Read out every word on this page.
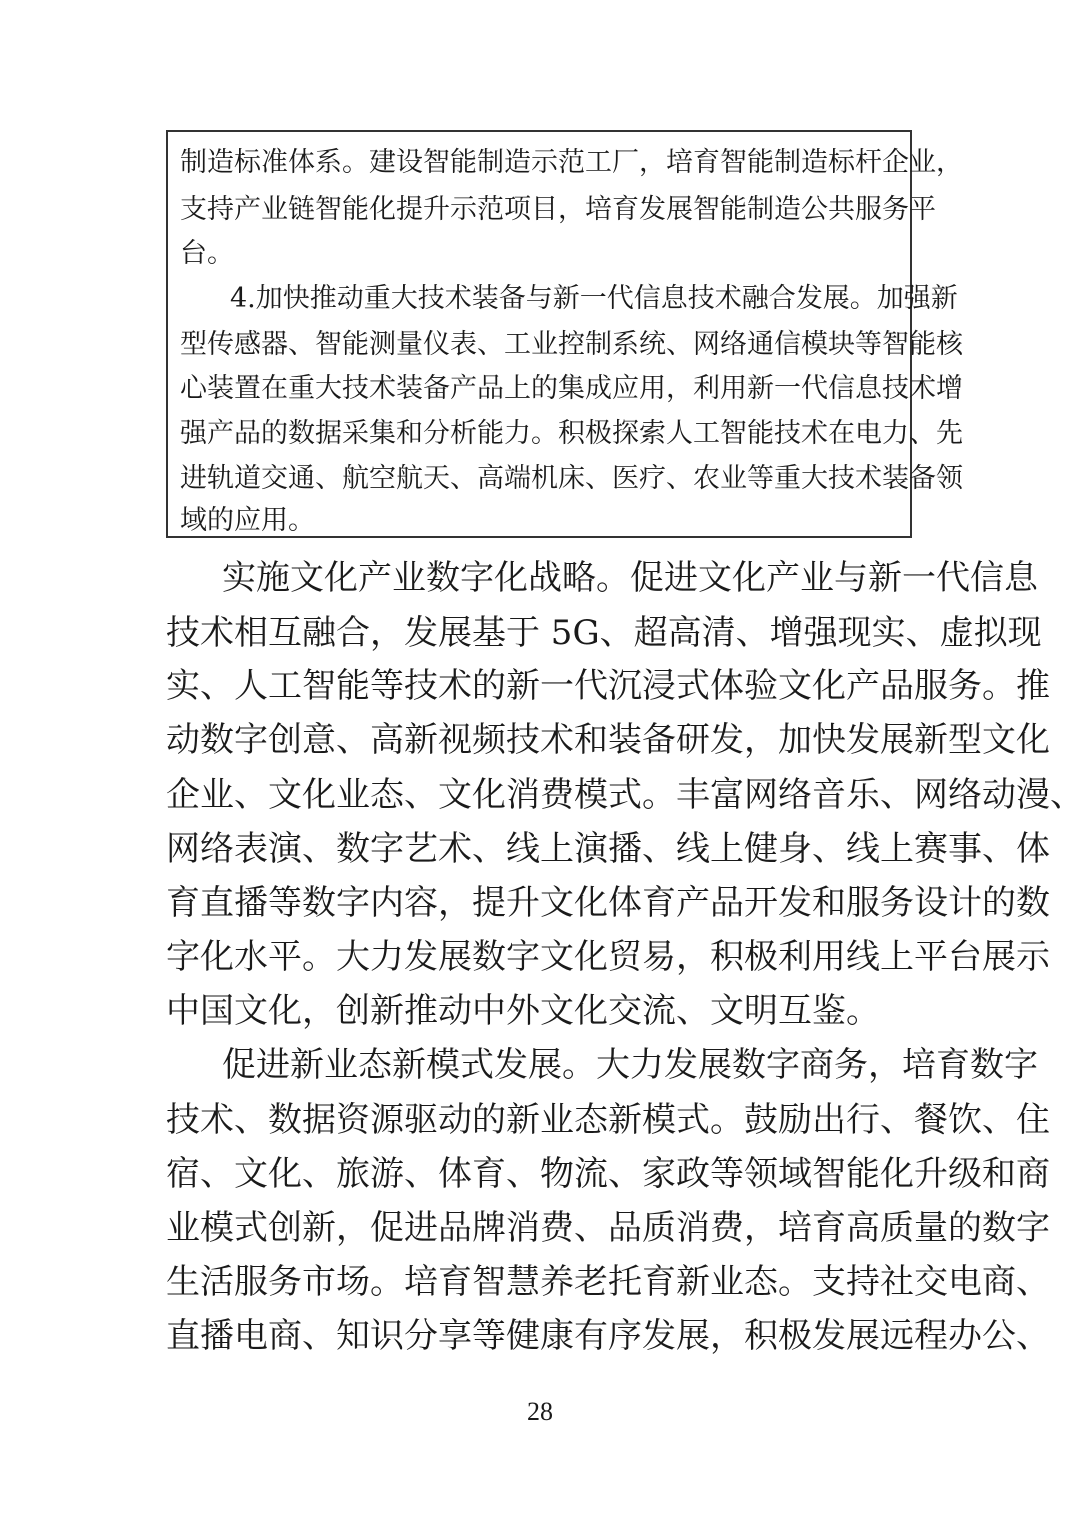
制造标准体系。建设智能制造示范工厂，培育智能制造标杆企业，
支持产业链智能化提升示范项目，培育发展智能制造公共服务平
台。
4.加快推动重大技术装备与新一代信息技术融合发展。加强新
型传感器、智能测量仪表、工业控制系统、网络通信模块等智能核
心装置在重大技术装备产品上的集成应用，利用新一代信息技术增
强产品的数据采集和分析能力。积极探索人工智能技术在电力、先
进轨道交通、航空航天、高端机床、医疗、农业等重大技术装备领
域的应用。
实施文化产业数字化战略。促进文化产业与新一代信息
技术相互融合，发展基于 5G、超高清、增强现实、虚拟现
实、人工智能等技术的新一代沉浸式体验文化产品服务。推
动数字创意、高新视频技术和装备研发，加快发展新型文化
企业、文化业态、文化消费模式。丰富网络音乐、网络动漫、
网络表演、数字艺术、线上演播、线上健身、线上赛事、体
育直播等数字内容，提升文化体育产品开发和服务设计的数
字化水平。大力发展数字文化贸易，积极利用线上平台展示
中国文化，创新推动中外文化交流、文明互鉴。
促进新业态新模式发展。大力发展数字商务，培育数字
技术、数据资源驱动的新业态新模式。鼓励出行、餐饮、住
宿、文化、旅游、体育、物流、家政等领域智能化升级和商
业模式创新，促进品牌消费、品质消费，培育高质量的数字
生活服务市场。培育智慧养老托育新业态。支持社交电商、
直播电商、知识分享等健康有序发展，积极发展远程办公、
28
